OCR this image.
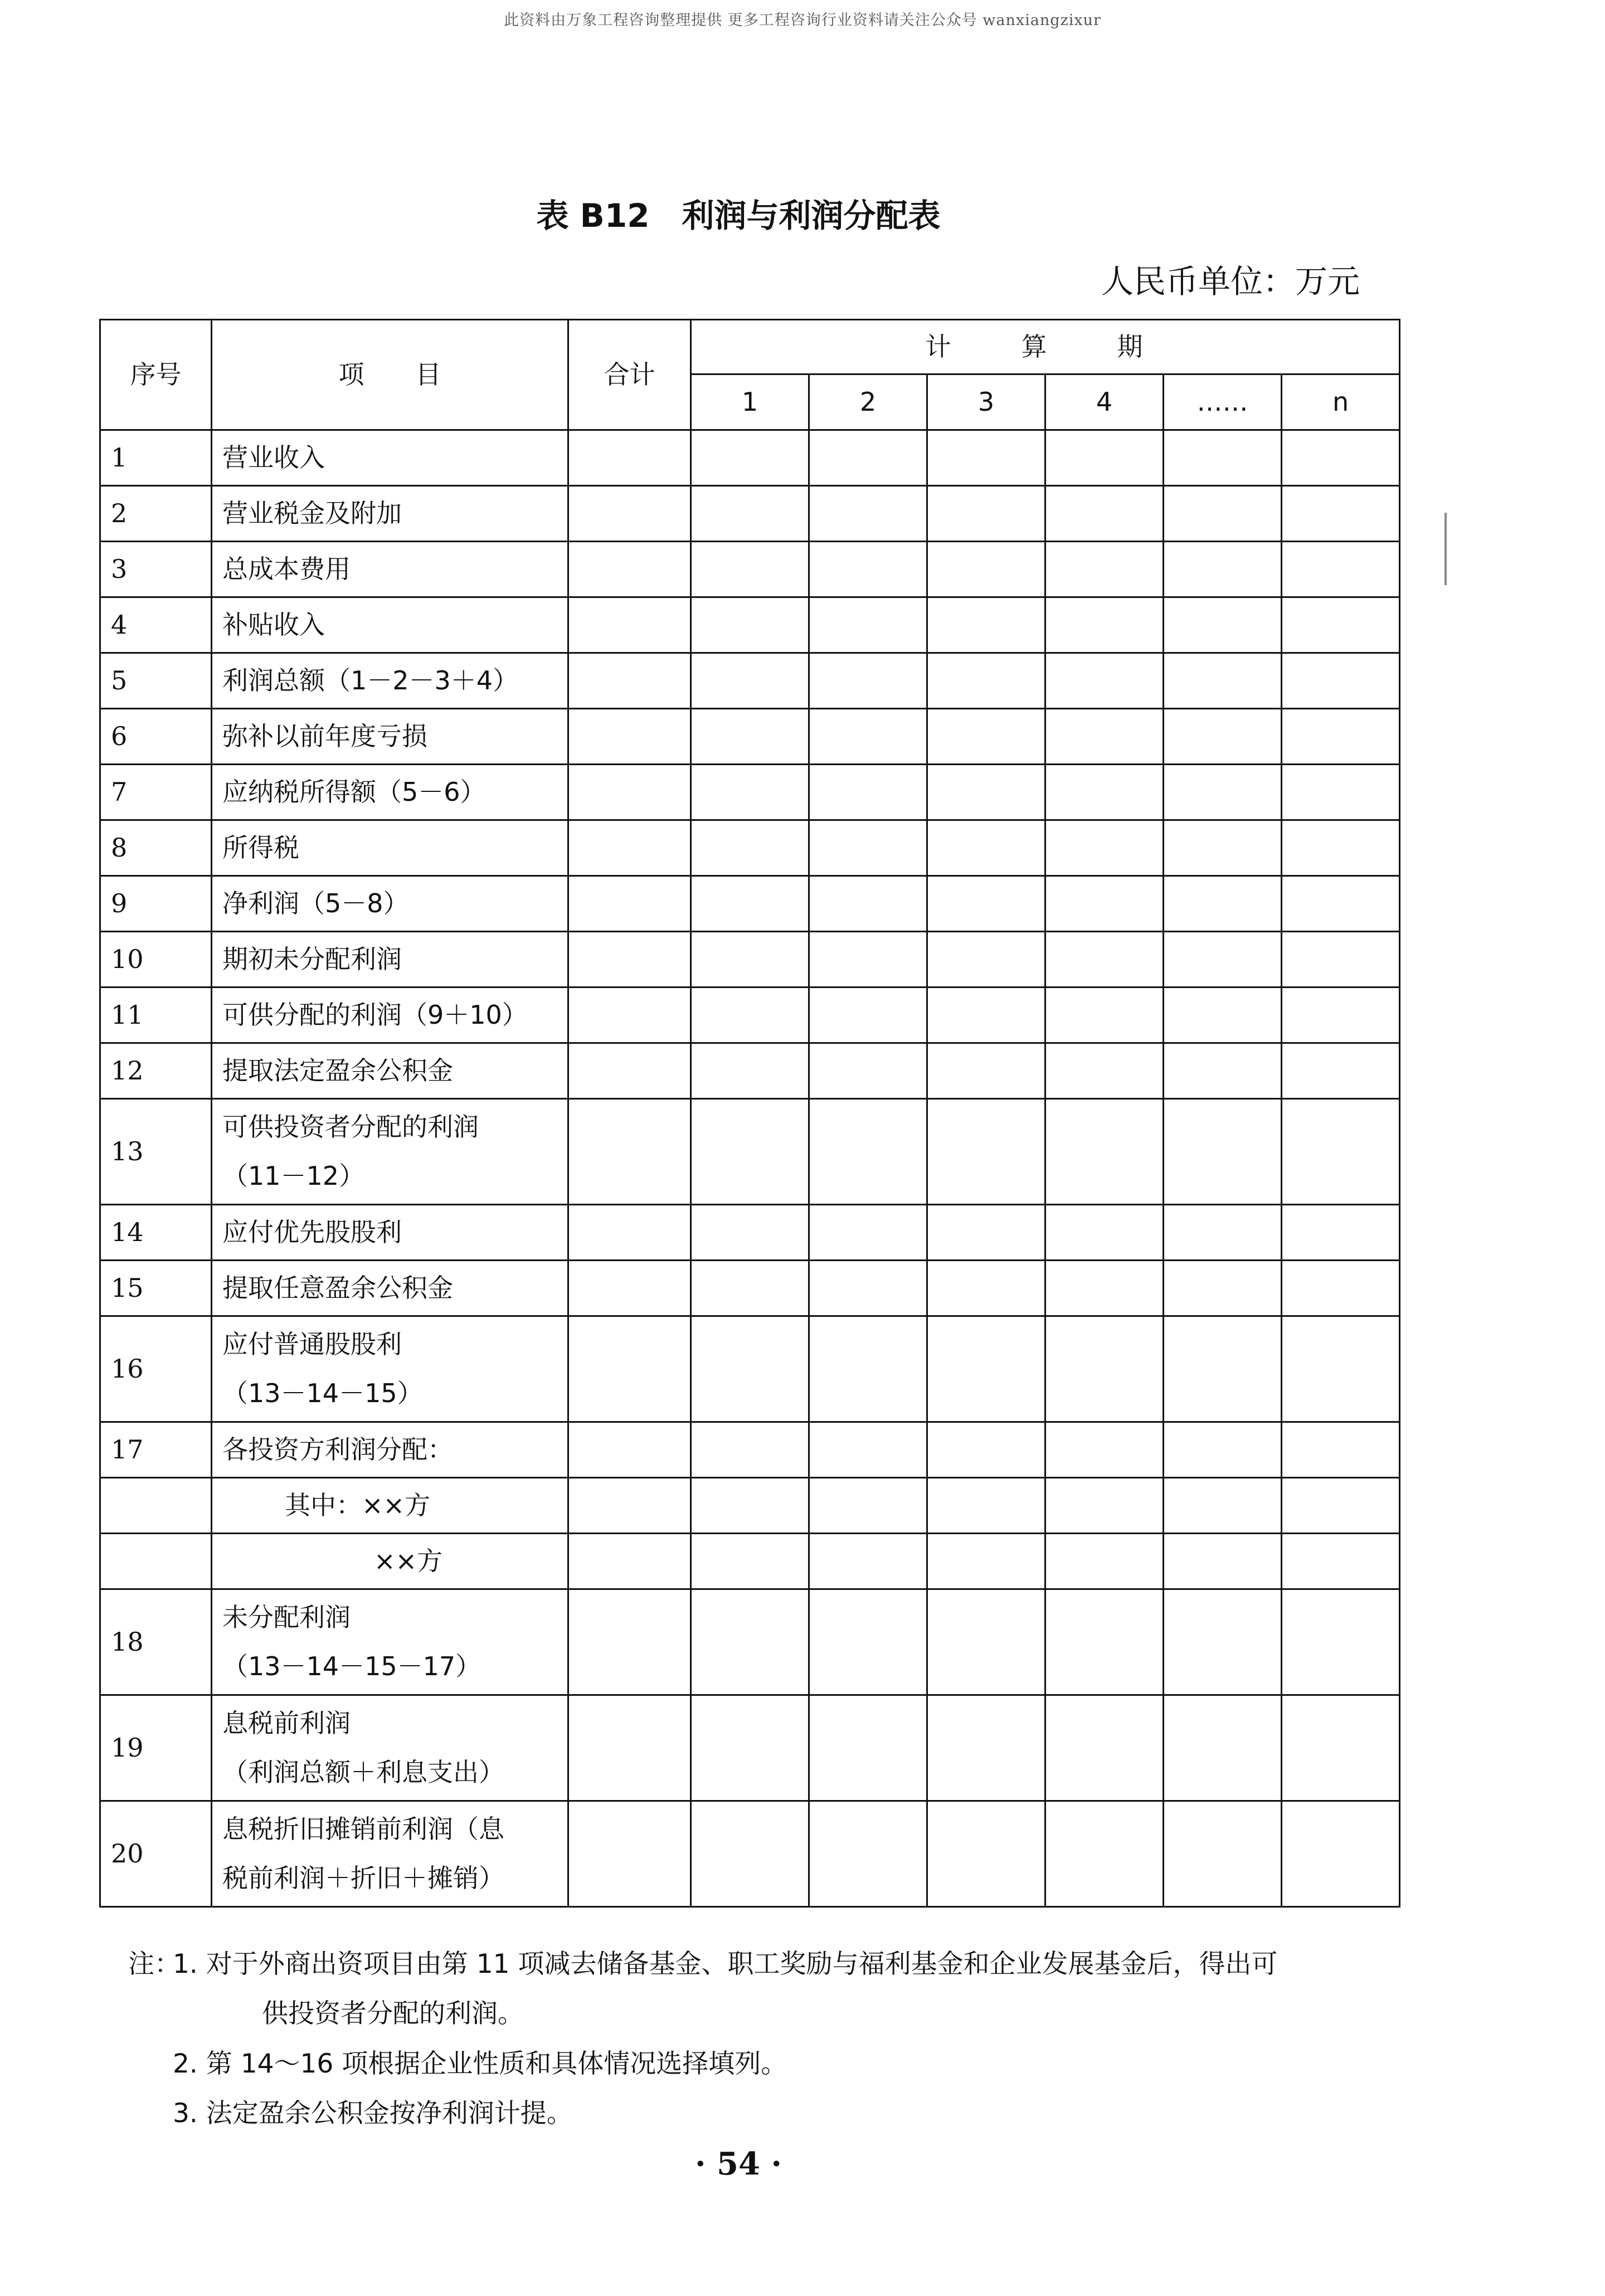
此资料由万象工程咨询整理提供 更多工程咨询行业资料请关注公众号 wanxiangzixur
表 B12　利润与利润分配表
人民币单位：万元
序号	项　　目	合计	计　算　期					
			1	2	3	4	……	n
1	营业收入							

2	营业税金及附加							

3	总成本费用							

4	补贴收入							

5	利润总额（1－2－3＋4）							

6	弥补以前年度亏损							

7	应纳税所得额（5－6）							

8	所得税							

9	净利润（5－8）							

10	期初未分配利润							

11	可供分配的利润（9＋10）							

12	提取法定盈余公积金							

13	可供投资者分配的利润
（11－12）							

14	应付优先股股利							

15	提取任意盈余公积金							

16	应付普通股股利
（13－14－15）							

17	各投资方利润分配：							

	其中：××方							

	××方							

18	未分配利润
（13－14－15－17）							

19	息税前利润
（利润总额＋利息支出）							

20	息税折旧摊销前利润（息
税前利润＋折旧＋摊销）							

注：
1. 对于外商出资项目由第 11 项减去储备基金、职工奖励与福利基金和企业发展基金后，得出可
供投资者分配的利润。
2. 第 14～16 项根据企业性质和具体情况选择填列。
3. 法定盈余公积金按净利润计提。
· 54 ·
